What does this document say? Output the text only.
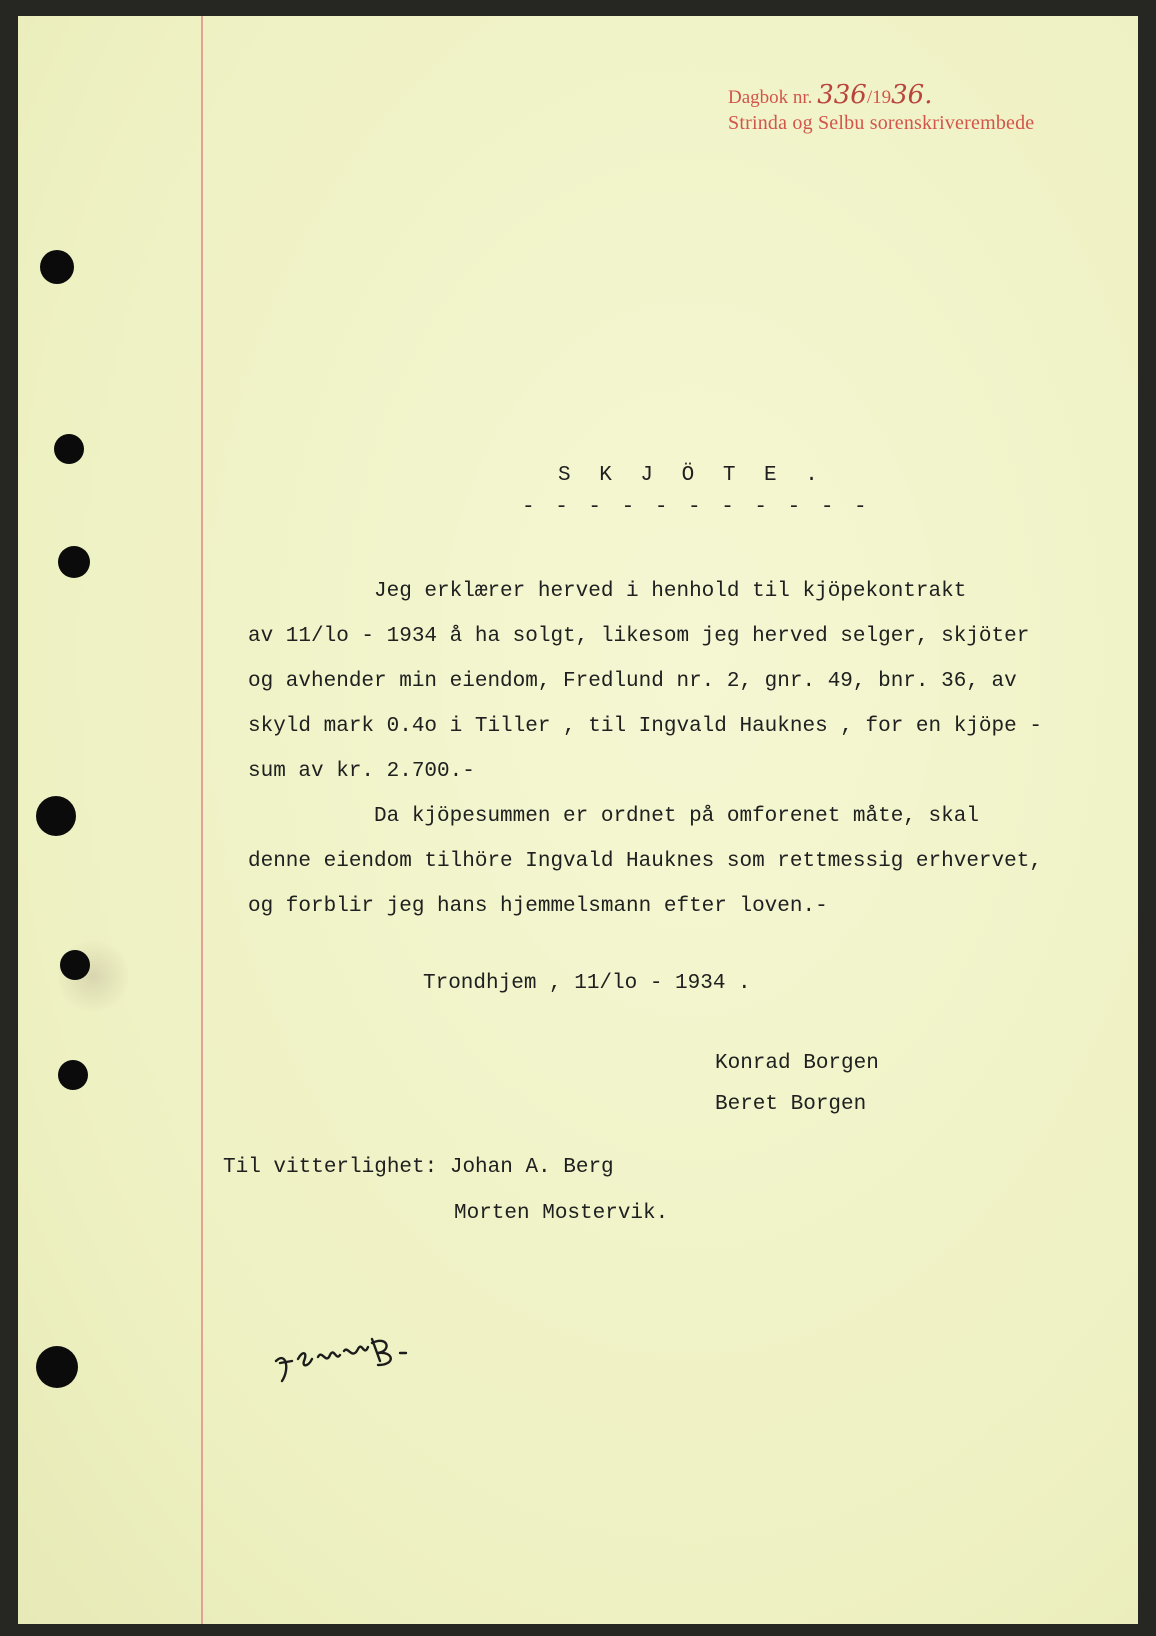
Dagbok nr. 336/1936.
Strinda og Selbu sorenskriverembede
S K J Ö T E .
- - - - - - - - - - -
Jeg erklærer herved i henhold til kjöpekontrakt
av 11/lo - 1934 å ha solgt, likesom jeg herved selger, skjöter
og avhender min eiendom, Fredlund nr. 2, gnr. 49, bnr. 36, av
skyld mark 0.4o i Tiller , til Ingvald Hauknes , for en kjöpe -
sum av kr. 2.700.-
Da kjöpesummen er ordnet på omforenet måte, skal
denne eiendom tilhöre Ingvald Hauknes som rettmessig erhvervet,
og forblir jeg hans hjemmelsmann efter loven.-
Trondhjem , 11/lo - 1934 .
Konrad Borgen
Beret Borgen
Til vitterlighet: Johan A. Berg
Morten Mostervik.
